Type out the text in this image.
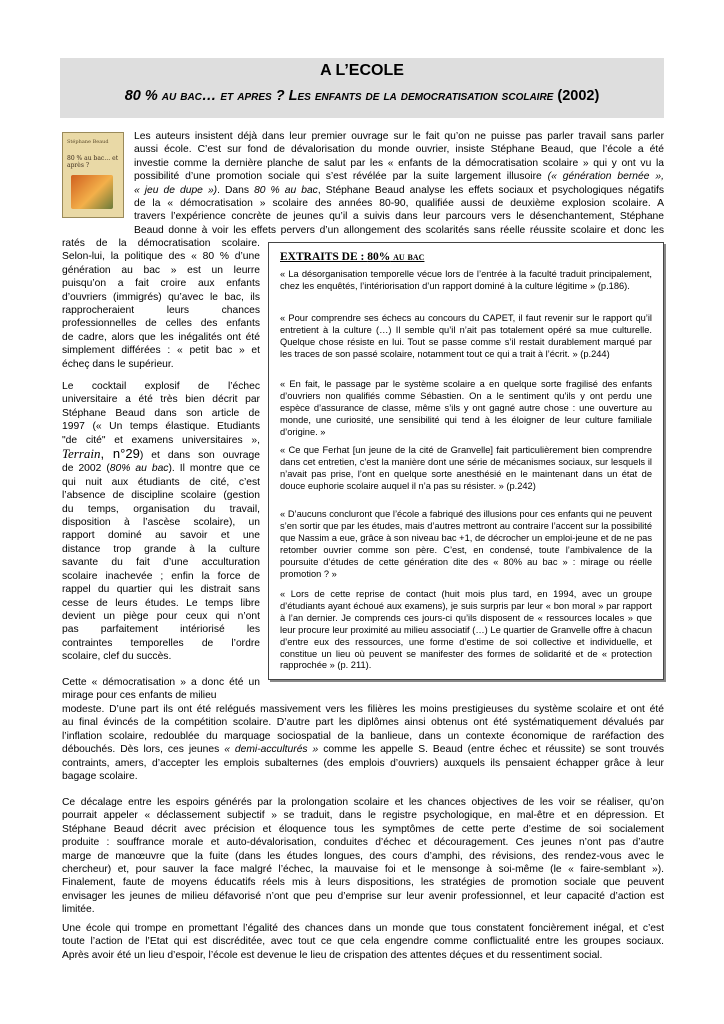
A L’ECOLE
80 % au bac… et apres ? Les enfants de la democratisation scolaire (2002)
Stéphane Beaud
80 % au bac… et après ?
Les auteurs insistent déjà dans leur premier ouvrage sur le fait qu’on ne puisse pas parler travail sans parler
aussi école. C’est sur fond de dévalorisation du monde ouvrier, insiste Stéphane Beaud, que l’école a été
investie comme la dernière planche de salut par les « enfants de la démocratisation scolaire » qui y ont vu la
possibilité d’une promotion sociale qui s’est révélée par la suite largement illusoire (« génération bernée »,
« jeu de dupe »). Dans 80 % au bac, Stéphane Beaud analyse les effets sociaux et psychologiques négatifs
de la « démocratisation » scolaire des années 80-90, qualifiée aussi de deuxième explosion scolaire. A
travers l’expérience concrète de jeunes qu’il a suivis dans leur parcours vers le désenchantement, Stéphane
Beaud donne à voir les effets pervers d’un allongement des scolarités sans réelle réussite scolaire et donc les
ratés de la démocratisation scolaire.
Selon-lui, la politique des « 80 % d’une
génération au bac » est un leurre
puisqu’on a fait croire aux enfants
d’ouvriers (immigrés) qu’avec le bac, ils
rapprocheraient leurs chances
professionnelles de celles des enfants
de cadre, alors que les inégalités ont été
simplement différées : « petit bac » et
écheç dans le supérieur.
Le cocktail explosif de l’échec
universitaire a été très bien décrit par
Stéphane Beaud dans son article de
1997 (« Un temps élastique. Etudiants
"de cité" et examens universitaires »,
Terrain, n°29) et dans son ouvrage
de 2002 (80% au bac). Il montre que ce
qui nuit aux étudiants de cité, c’est
l’absence de discipline scolaire (gestion
du temps, organisation du travail,
disposition à l’ascèse scolaire), un
rapport dominé au savoir et une
distance trop grande à la culture
savante du fait d’une acculturation
scolaire inachevée ; enfin la force de
rappel du quartier qui les distrait sans
cesse de leurs études. Le temps libre
devient un piège pour ceux qui n’ont
pas parfaitement intériorisé les
contraintes temporelles de l’ordre
scolaire, clef du succès.
Cette « démocratisation » a donc été un
mirage pour ces enfants de milieu
EXTRAITS DE : 80% au bac
« La désorganisation temporelle vécue lors de l’entrée à la faculté traduit principalement, chez les enquêtés, l’intériorisation d’un rapport dominé à la culture légitime » (p.186).
« Pour comprendre ses échecs au concours du CAPET, il faut revenir sur le rapport qu’il entretient à la culture (…) Il semble qu’il n’ait pas totalement opéré sa mue culturelle. Quelque chose résiste en lui. Tout se passe comme s’il restait durablement marqué par les traces de son passé scolaire, notamment tout ce qui a trait à l’écrit. » (p.244)
« En fait, le passage par le système scolaire a en quelque sorte fragilisé des enfants d’ouvriers non qualifiés comme Sébastien. On a le sentiment qu’ils y ont perdu une espèce d’assurance de classe, même s’ils y ont gagné autre chose : une ouverture au monde, une curiosité, une sensibilité qui tend à les éloigner de leur culture familiale d’origine. »
« Ce que Ferhat [un jeune de la cité de Granvelle] fait particulièrement bien comprendre dans cet entretien, c’est la manière dont une série de mécanismes sociaux, sur lesquels il n’avait pas prise, l’ont en quelque sorte anesthésié en le maintenant dans un état de douce euphorie scolaire auquel il n’a pas su résister. » (p.242)
« D’aucuns concluront que l’école a fabriqué des illusions pour ces enfants qui ne peuvent s’en sortir que par les études, mais d’autres mettront au contraire l’accent sur la possibilité que Nassim a eue, grâce à son niveau bac +1, de décrocher un emploi-jeune et de ne pas retomber ouvrier comme son père. C’est, en condensé, toute l’ambivalence de la poursuite d’études de cette génération dite des « 80% au bac » : mirage ou réelle promotion ? »
« Lors de cette reprise de contact (huit mois plus tard, en 1994, avec un groupe d’étudiants ayant échoué aux examens), je suis surpris par leur « bon moral » par rapport à l’an dernier. Je comprends ces jours-ci qu’ils disposent de « ressources locales » que leur procure leur proximité au milieu associatif (…) Le quartier de Granvelle offre à chacun d’entre eux des ressources, une forme d’estime de soi collective et individuelle, et constitue un lieu où peuvent se manifester des formes de solidarité et de « protection rapprochée » (p. 211).
modeste. D’une part ils ont été relégués massivement vers les filières les moins prestigieuses du système scolaire et ont été
au final évincés de la compétition scolaire. D’autre part les diplômes ainsi obtenus ont été systématiquement dévalués par
l’inflation scolaire, redoublée du marquage sociospatial de la banlieue, dans un contexte économique de raréfaction des
débouchés. Dès lors, ces jeunes « demi-acculturés » comme les appelle S. Beaud (entre échec et réussite) se sont trouvés
contraints, amers, d’accepter les emplois subalternes (des emplois d’ouvriers) auxquels ils pensaient échapper grâce à leur
bagage scolaire.
Ce décalage entre les espoirs générés par la prolongation scolaire et les chances objectives de les voir se réaliser, qu’on
pourrait appeler « déclassement subjectif » se traduit, dans le registre psychologique, en mal-être et en dépression. Et
Stéphane Beaud décrit avec précision et éloquence tous les symptômes de cette perte d’estime de soi socialement
produite : souffrance morale et auto-dévalorisation, conduites d’échec et découragement. Ces jeunes n’ont pas d’autre
marge de manœuvre que la fuite (dans les études longues, des cours d’amphi, des révisions, des rendez-vous avec le
chercheur) et, pour sauver la face malgré l’échec, la mauvaise foi et le mensonge à soi-même (le « faire-semblant »).
Finalement, faute de moyens éducatifs réels mis à leurs dispositions, les stratégies de promotion sociale que peuvent
envisager les jeunes de milieu défavorisé n’ont que peu d’emprise sur leur avenir professionnel, et leur capacité d’action est
limitée.
Une école qui trompe en promettant l’égalité des chances dans un monde que tous constatent foncièrement inégal, et c’est
toute l’action de l’Etat qui est discréditée, avec tout ce que cela engendre comme conflictualité entre les groupes sociaux.
Après avoir été un lieu d’espoir, l’école est devenue le lieu de crispation des attentes déçues et du ressentiment social.
